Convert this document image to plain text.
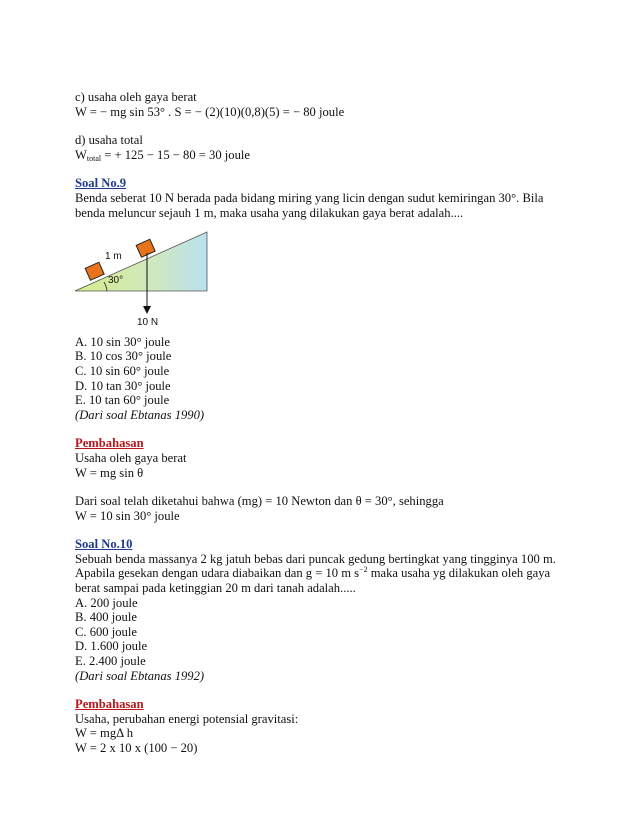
c) usaha oleh gaya berat
W = − mg sin 53° . S = − (2)(10)(0,8)(5) = − 80 joule
d) usaha total
$W_{total}$ = + 125 − 15 − 80 = 30 joule
Soal No.9
Benda seberat 10 N berada pada bidang miring yang licin dengan sudut kemiringan 30°. Bila
benda meluncur sejauh 1 m, maka usaha yang dilakukan gaya berat adalah....
1 m
30°
10 N
A. 10 sin 30° joule
B. 10 cos 30° joule
C. 10 sin 60° joule
D. 10 tan 30° joule
E. 10 tan 60° joule
(Dari soal Ebtanas 1990)
Pembahasan
Usaha oleh gaya berat
W = mg sin θ
Dari soal telah diketahui bahwa (mg) = 10 Newton dan θ = 30°, sehingga
W = 10 sin 30° joule
Soal No.10
Sebuah benda massanya 2 kg jatuh bebas dari puncak gedung bertingkat yang tingginya 100 m.
Apabila gesekan dengan udara diabaikan dan g = 10 m $s^{-2}$ maka usaha yg dilakukan oleh gaya
berat sampai pada ketinggian 20 m dari tanah adalah.....
A. 200 joule
B. 400 joule
C. 600 joule
D. 1.600 joule
E. 2.400 joule
(Dari soal Ebtanas 1992)
Pembahasan
Usaha, perubahan energi potensial gravitasi:
W = mgΔ h
W = 2 x 10 x (100 − 20)
